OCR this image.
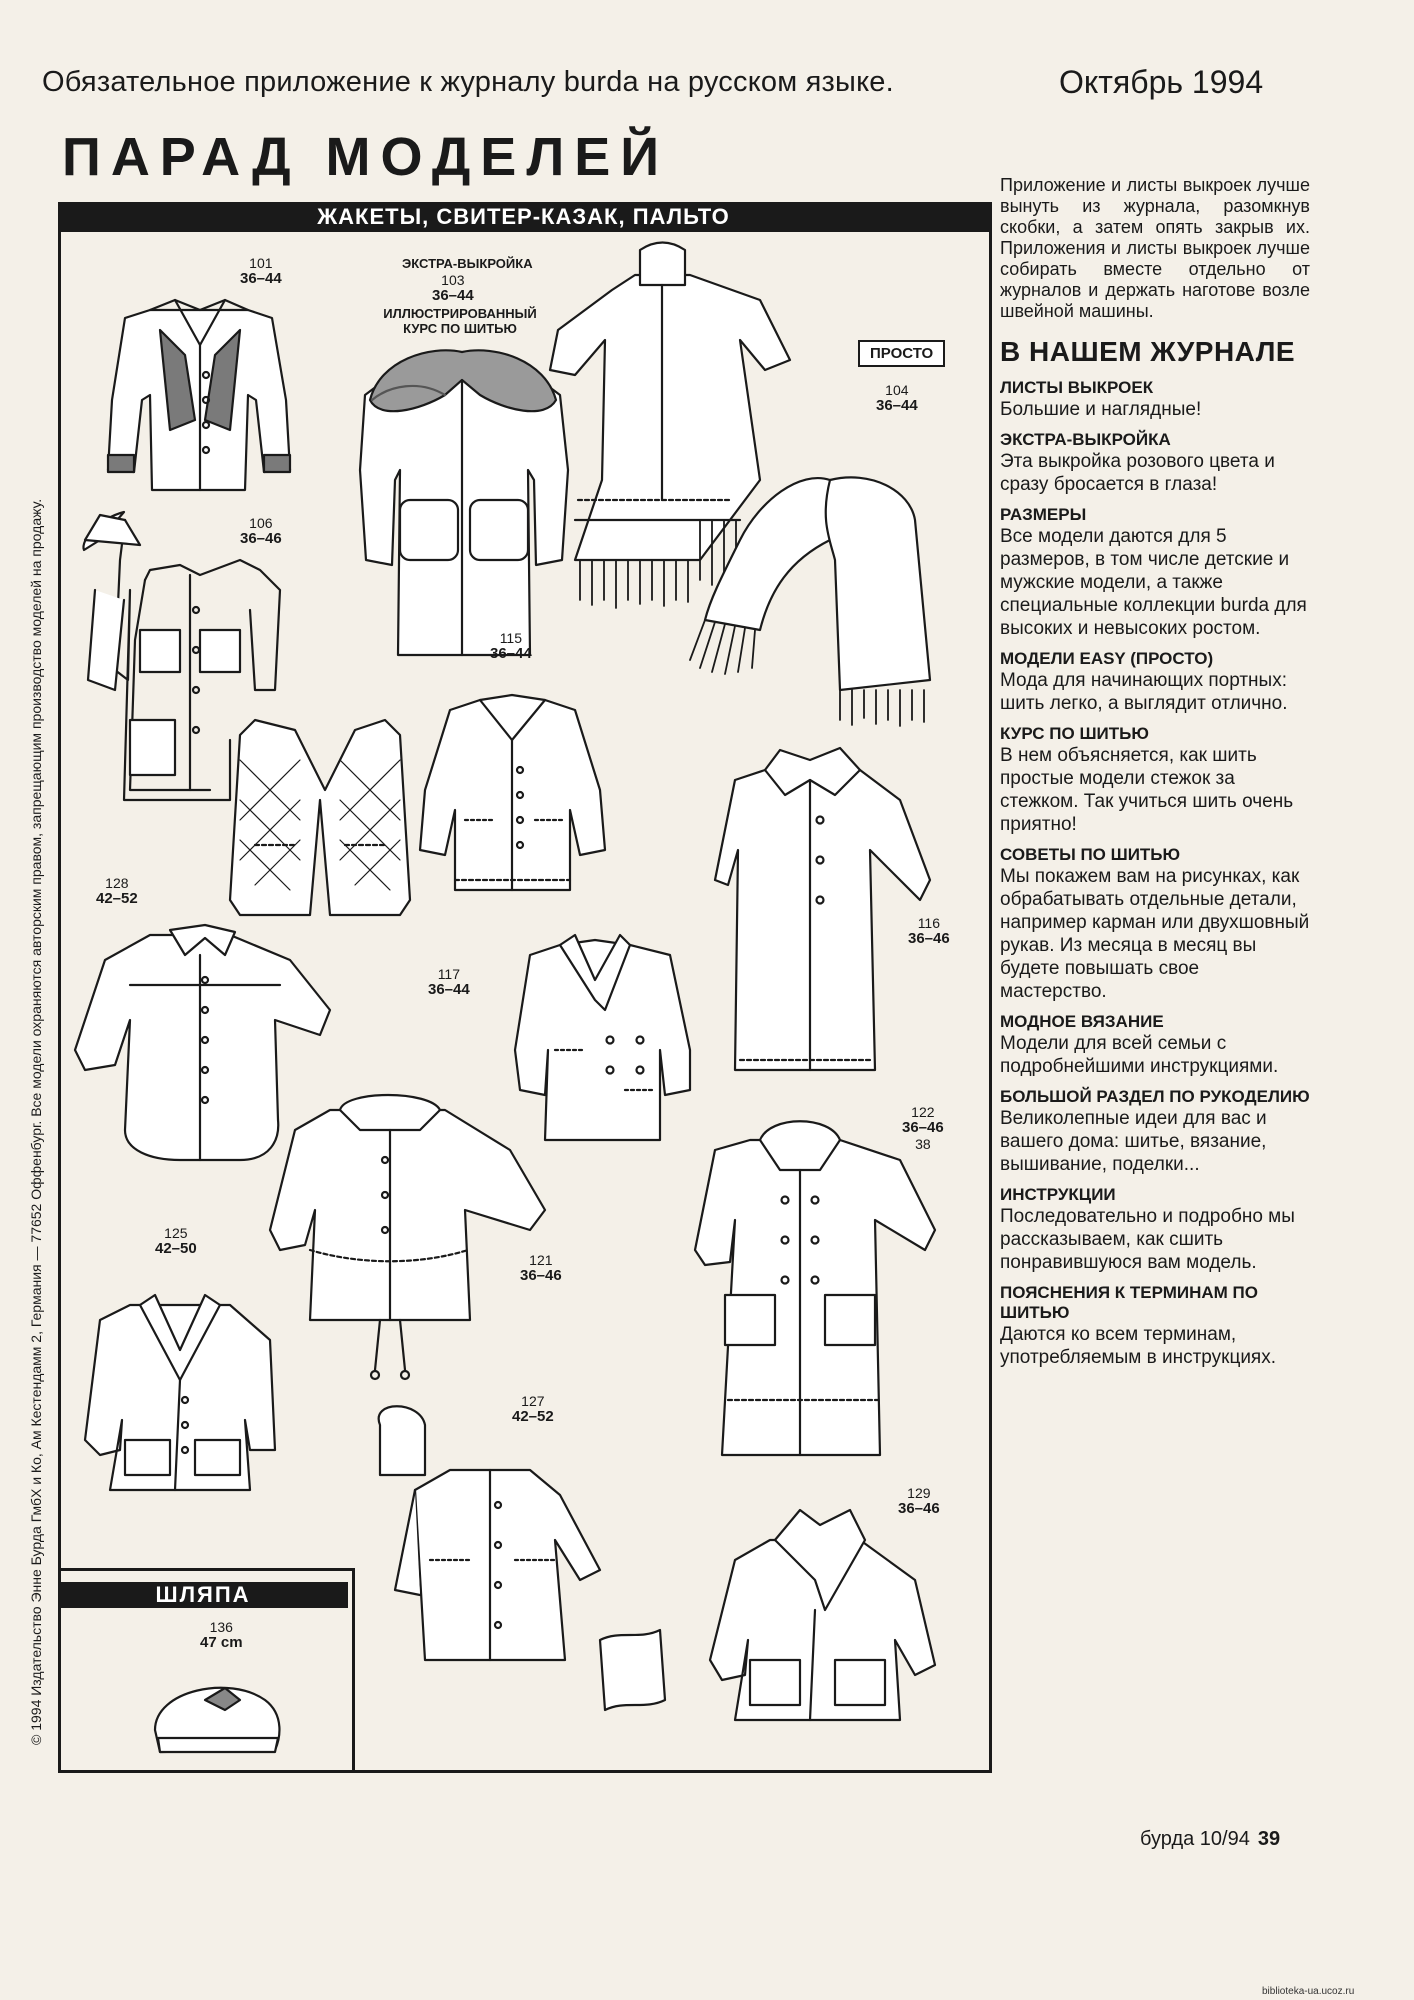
Обязательное приложение к журналу burda на русском языке.	Октябрь 1994
ПАРАД МОДЕЛЕЙ
© 1994 Издательство Энне Бурда ГмбХ и Ко, Ам Кестендамм 2, Германия — 77652 Оффенбург. Все модели охраняются авторским правом, запрещающим производство моделей на продажу.
ЖАКЕТЫ, СВИТЕР-КАЗАК, ПАЛЬТО
101
36–44
ЭКСТРА-ВЫКРОЙКА
103
36–44
ИЛЛЮСТРИРОВАННЫЙ КУРС ПО ШИТЬЮ
ПРОСТО
104
36–44
106
36–46
115
36–44
116
36–46
117
36–44
121
36–46
122
36–46
38
125
42–50
127
42–52
128
42–52
129
36–46
ШЛЯПА
136
47 cm

Приложение и листы выкроек лучше вынуть из журнала, разомкнув скобки, а затем опять закрыв их. Приложения и листы выкроек лучше собирать вместе отдельно от журналов и держать наготове возле швейной машины.

В НАШЕМ ЖУРНАЛЕ
ЛИСТЫ ВЫКРОЕК
Большие и наглядные!
ЭКСТРА-ВЫКРОЙКА
Эта выкройка розового цвета и сразу бросается в глаза!
РАЗМЕРЫ
Все модели даются для 5 размеров, в том числе детские и мужские модели, а также специальные коллекции burda для высоких и невысоких ростом.
МОДЕЛИ EASY (ПРОСТО)
Мода для начинающих портных: шить легко, а выглядит отлично.
КУРС ПО ШИТЬЮ
В нем объясняется, как шить простые модели стежок за стежком. Так учиться шить очень приятно!
СОВЕТЫ ПО ШИТЬЮ
Мы покажем вам на рисунках, как обрабатывать отдельные детали, например карман или двухшовный рукав. Из месяца в месяц вы будете повышать свое мастерство.
МОДНОЕ ВЯЗАНИЕ
Модели для всей семьи с подробнейшими инструкциями.
БОЛЬШОЙ РАЗДЕЛ ПО РУКОДЕЛИЮ
Великолепные идеи для вас и вашего дома: шитье, вязание, вышивание, поделки...
ИНСТРУКЦИИ
Последовательно и подробно мы рассказываем, как сшить понравившуюся вам модель.
ПОЯСНЕНИЯ К ТЕРМИНАМ ПО ШИТЬЮ
Даются ко всем терминам, употребляемым в инструкциях.
бурда 10/94 39
biblioteka-ua.ucoz.ru
